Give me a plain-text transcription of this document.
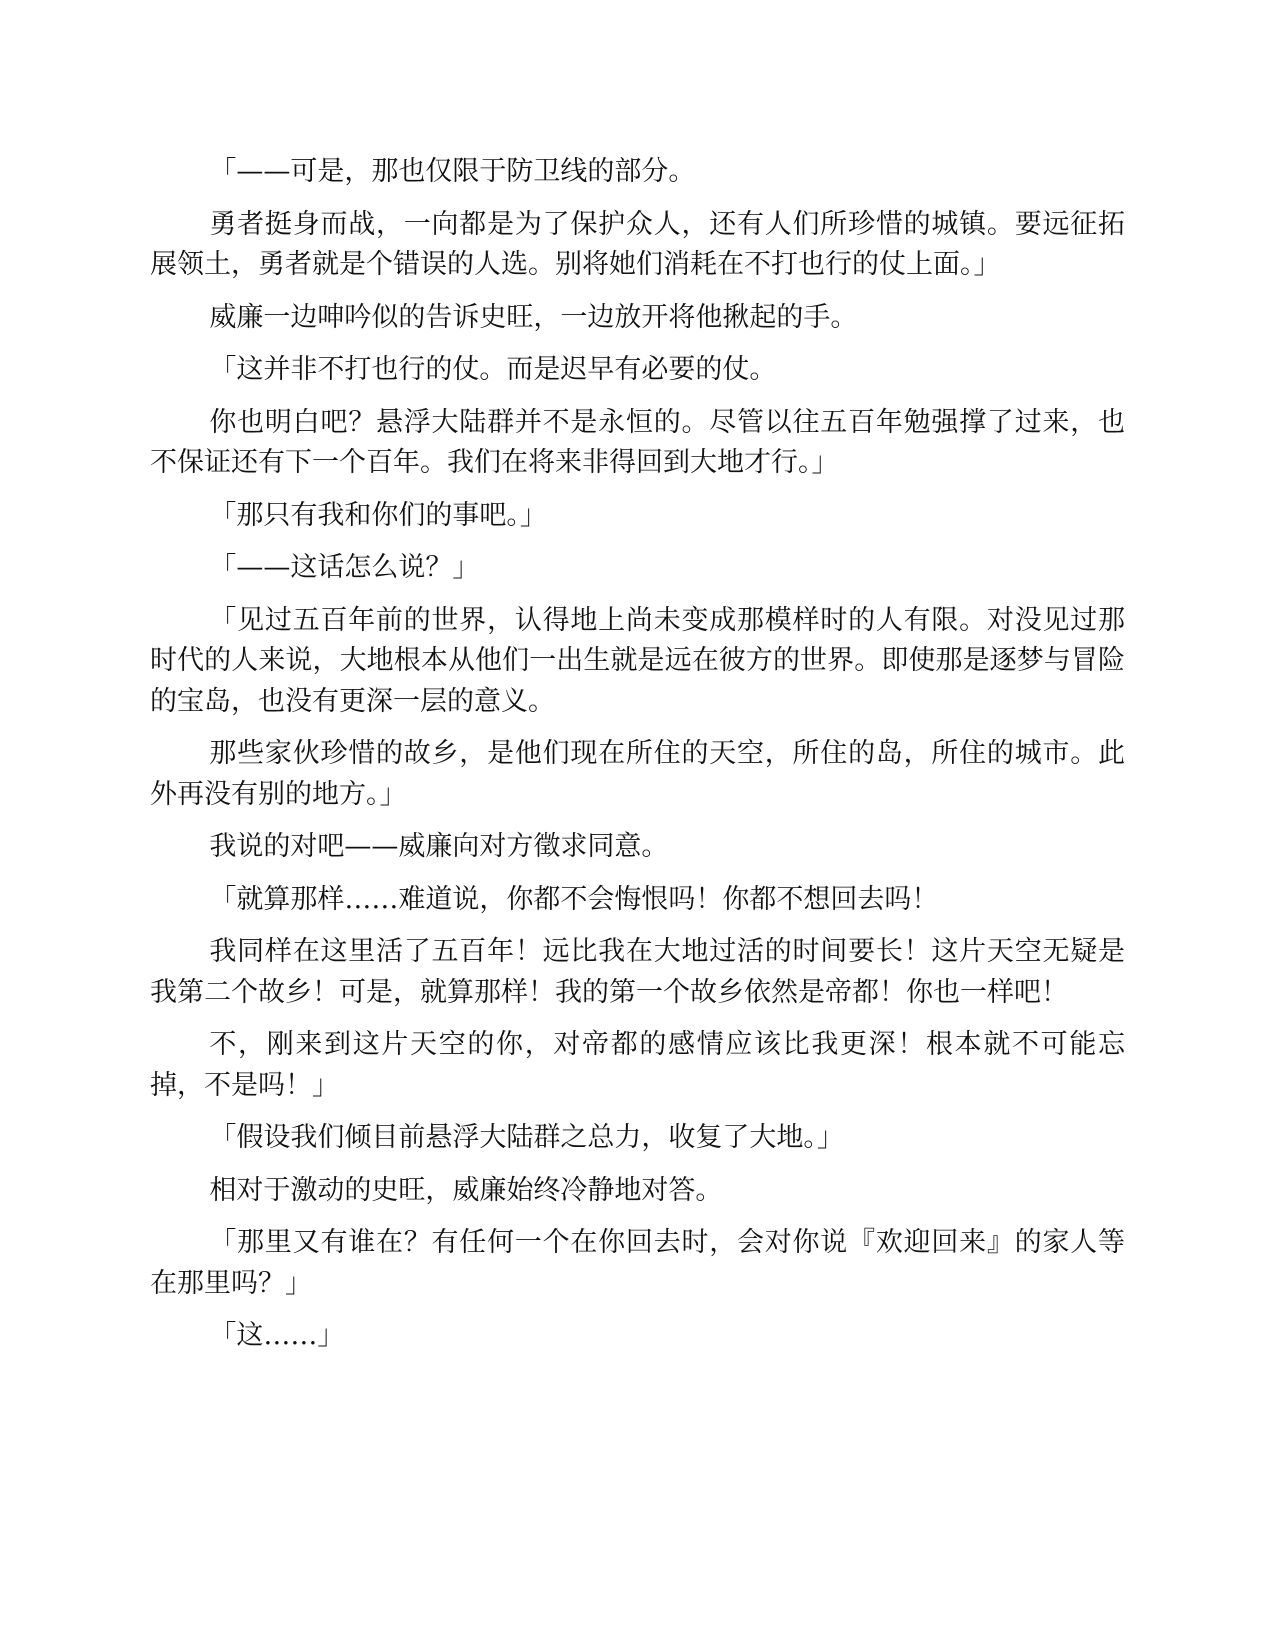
「——可是，那也仅限于防卫线的部分。

勇者挺身而战，一向都是为了保护众人，还有人们所珍惜的城镇。要远征拓展领土，勇者就是个错误的人选。别将她们消耗在不打也行的仗上面。」

威廉一边呻吟似的告诉史旺，一边放开将他揪起的手。

「这并非不打也行的仗。而是迟早有必要的仗。

你也明白吧？悬浮大陆群并不是永恒的。尽管以往五百年勉强撑了过来，也不保证还有下一个百年。我们在将来非得回到大地才行。」

「那只有我和你们的事吧。」

「——这话怎么说？」

「见过五百年前的世界，认得地上尚未变成那模样时的人有限。对没见过那时代的人来说，大地根本从他们一出生就是远在彼方的世界。即使那是逐梦与冒险的宝岛，也没有更深一层的意义。

那些家伙珍惜的故乡，是他们现在所住的天空，所住的岛，所住的城市。此外再没有别的地方。」

我说的对吧——威廉向对方徵求同意。

「就算那样……难道说，你都不会悔恨吗！你都不想回去吗！

我同样在这里活了五百年！远比我在大地过活的时间要长！这片天空无疑是我第二个故乡！可是，就算那样！我的第一个故乡依然是帝都！你也一样吧！

不，刚来到这片天空的你，对帝都的感情应该比我更深！根本就不可能忘掉，不是吗！」

「假设我们倾目前悬浮大陆群之总力，收复了大地。」

相对于激动的史旺，威廉始终冷静地对答。

「那里又有谁在？有任何一个在你回去时，会对你说『欢迎回来』的家人等在那里吗？」

「这……」
